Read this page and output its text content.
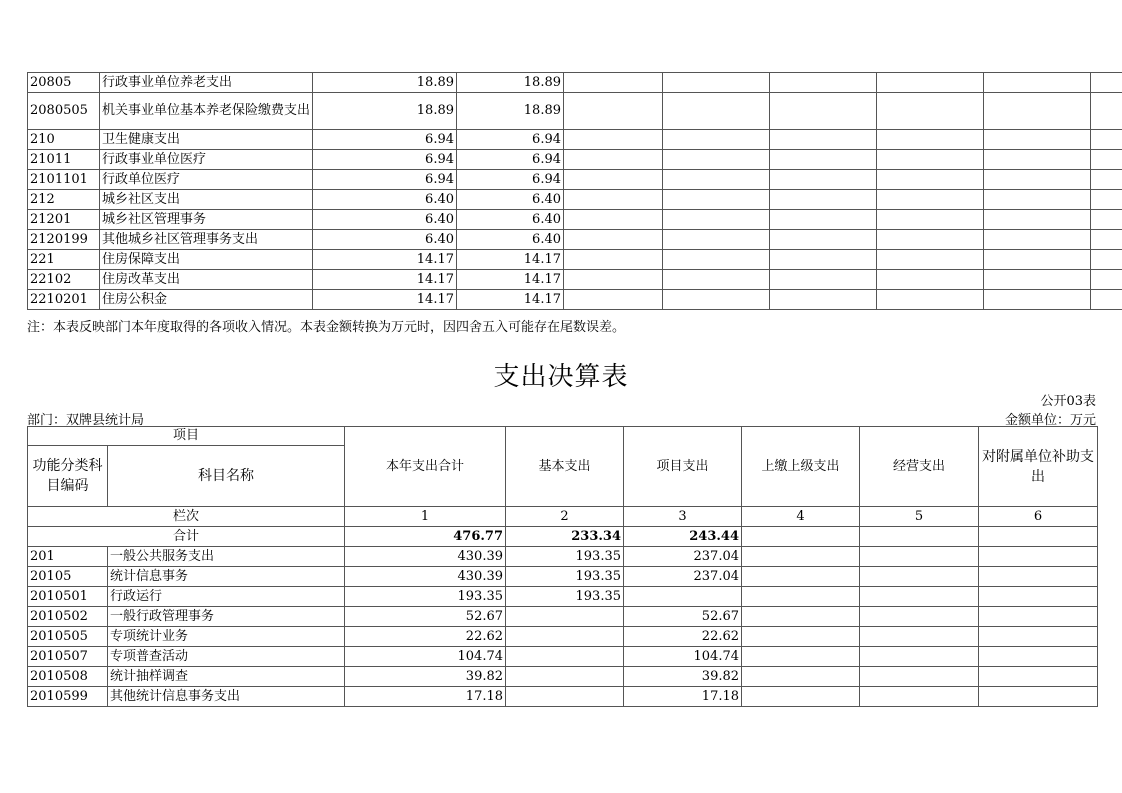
20805	行政事业单位养老支出	18.89	18.89						
2080505	机关事业单位基本养老保险缴费支出	18.89	18.89						
210	卫生健康支出	6.94	6.94						
21011	行政事业单位医疗	6.94	6.94						
2101101	行政单位医疗	6.94	6.94						
212	城乡社区支出	6.40	6.40						
21201	城乡社区管理事务	6.40	6.40						
2120199	其他城乡社区管理事务支出	6.40	6.40						
221	住房保障支出	14.17	14.17						
22102	住房改革支出	14.17	14.17						
2210201	住房公积金	14.17	14.17						
注：本表反映部门本年度取得的各项收入情况。本表金额转换为万元时，因四舍五入可能存在尾数误差。
支出决算表
公开03表
部门：双牌县统计局	金额单位：万元
项目		本年支出合计	基本支出	项目支出	上缴上级支出	经营支出	对附属单位补助支出
功能分类科目编码	科目名称						
栏次		1	2	3	4	5	6
合计		476.77	233.34	243.44			
201	一般公共服务支出	430.39	193.35	237.04			
20105	统计信息事务	430.39	193.35	237.04			
2010501	行政运行	193.35	193.35				
2010502	一般行政管理事务	52.67		52.67			
2010505	专项统计业务	22.62		22.62			
2010507	专项普查活动	104.74		104.74			
2010508	统计抽样调查	39.82		39.82			
2010599	其他统计信息事务支出	17.18		17.18			
